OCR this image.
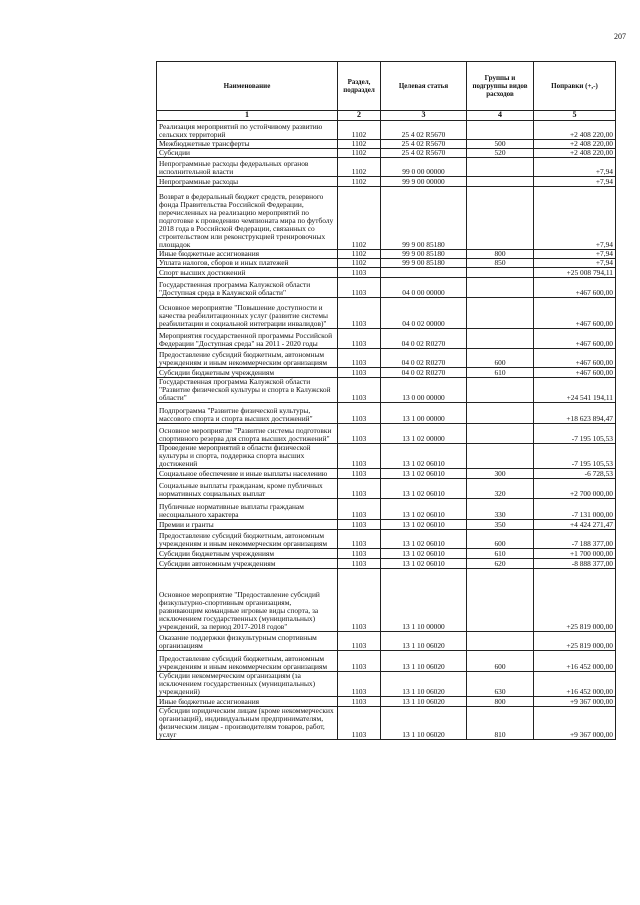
207
Наименование	Раздел, подраздел	Целевая статья	Группы и подгруппы видов расходов	Поправки (+,-)
1	2	3	4	5
Реализация мероприятий по устойчивому развитию сельских территорий	1102	25 4 02 R5670		+2 408 220,00
Межбюджетные трансферты	1102	25 4 02 R5670	500	+2 408 220,00
Субсидии	1102	25 4 02 R5670	520	+2 408 220,00
Непрограммные расходы федеральных органов исполнительной власти	1102	99 0 00 00000		+7,94
Непрограммные расходы	1102	99 9 00 00000		+7,94
Возврат в федеральный бюджет средств, резервного фонда Правительства Российской Федерации, перечисленных на реализацию мероприятий по подготовке к проведению чемпионата мира по футболу 2018 года в Российской Федерации, связанных со строительством или реконструкцией тренировочных площадок	1102	99 9 00 85180		+7,94
Иные бюджетные ассигнования	1102	99 9 00 85180	800	+7,94
Уплата налогов, сборов и иных платежей	1102	99 9 00 85180	850	+7,94
Спорт высших достижений	1103			+25 008 794,11
Государственная программа Калужской области "Доступная среда в Калужской области"	1103	04 0 00 00000		+467 600,00
Основное мероприятие "Повышение доступности и качества реабилитационных услуг (развитие системы реабилитации и социальной интеграции инвалидов)"	1103	04 0 02 00000		+467 600,00
Мероприятия государственной программы Российской Федерации "Доступная среда" на 2011 - 2020 годы	1103	04 0 02 R0270		+467 600,00
Предоставление субсидий бюджетным, автономным учреждениям и иным некоммерческим организациям	1103	04 0 02 R0270	600	+467 600,00
Субсидии бюджетным учреждениям	1103	04 0 02 R0270	610	+467 600,00
Государственная программа Калужской области "Развитие физической культуры и спорта в Калужской области"	1103	13 0 00 00000		+24 541 194,11
Подпрограмма "Развитие физической культуры, массового спорта и спорта высших достижений"	1103	13 1 00 00000		+18 623 894,47
Основное мероприятие "Развитие системы подготовки спортивного резерва для спорта высших достижений"	1103	13 1 02 00000		-7 195 105,53
Проведение мероприятий в области физической культуры и спорта, поддержка спорта высших достижений	1103	13 1 02 06010		-7 195 105,53
Социальное обеспечение и иные выплаты населению	1103	13 1 02 06010	300	-6 728,53
Социальные выплаты гражданам, кроме публичных нормативных социальных выплат	1103	13 1 02 06010	320	+2 700 000,00
Публичные нормативные выплаты гражданам несоциального характера	1103	13 1 02 06010	330	-7 131 000,00
Премии и гранты	1103	13 1 02 06010	350	+4 424 271,47
Предоставление субсидий бюджетным, автономным учреждениям и иным некоммерческим организациям	1103	13 1 02 06010	600	-7 188 377,00
Субсидии бюджетным учреждениям	1103	13 1 02 06010	610	+1 700 000,00
Субсидии автономным учреждениям	1103	13 1 02 06010	620	-8 888 377,00
Основное мероприятие "Предоставление субсидий физкультурно-спортивным организациям, развивающим командные игровые виды спорта, за исключением государственных (муниципальных) учреждений, за период 2017-2018 годов"	1103	13 1 10 00000		+25 819 000,00
Оказание поддержки физкультурным спортивным организациям	1103	13 1 10 06020		+25 819 000,00
Предоставление субсидий бюджетным, автономным учреждениям и иным некоммерческим организациям	1103	13 1 10 06020	600	+16 452 000,00
Субсидии некоммерческим организациям (за исключением государственных (муниципальных) учреждений)	1103	13 1 10 06020	630	+16 452 000,00
Иные бюджетные ассигнования	1103	13 1 10 06020	800	+9 367 000,00
Субсидии юридическим лицам (кроме некоммерческих организаций), индивидуальным предпринимателям, физическим лицам - производителям товаров, работ, услуг	1103	13 1 10 06020	810	+9 367 000,00
